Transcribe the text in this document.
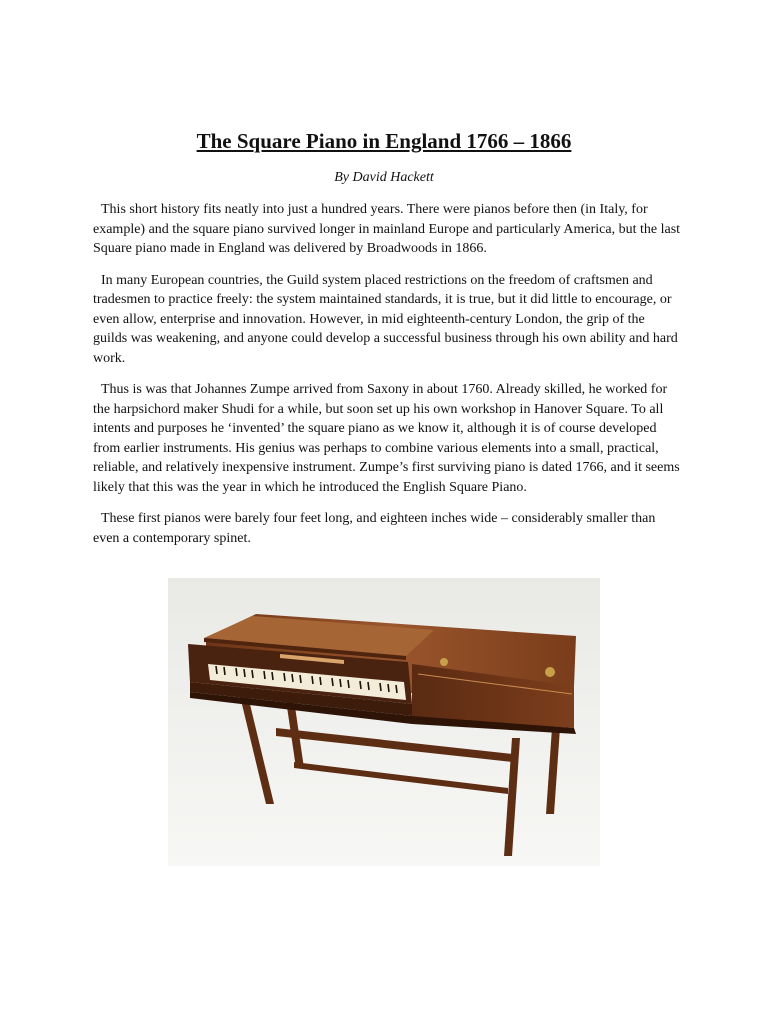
The Square Piano in England 1766 – 1866
By David Hackett

This short history fits neatly into just a hundred years. There were pianos before then (in Italy, for example) and the square piano survived longer in mainland Europe and particularly America, but the last Square piano made in England was delivered by Broadwoods in 1866.

In many European countries, the Guild system placed restrictions on the freedom of craftsmen and tradesmen to practice freely: the system maintained standards, it is true, but it did little to encourage, or even allow, enterprise and innovation. However, in mid eighteenth-century London, the grip of the guilds was weakening, and anyone could develop a successful business through his own ability and hard work.

Thus is was that Johannes Zumpe arrived from Saxony in about 1760. Already skilled, he worked for the harpsichord maker Shudi for a while, but soon set up his own workshop in Hanover Square. To all intents and purposes he ‘invented’ the square piano as we know it, although it is of course developed from earlier instruments. His genius was perhaps to combine various elements into a small, practical, reliable, and relatively inexpensive instrument. Zumpe’s first surviving piano is dated 1766, and it seems likely that this was the year in which he introduced the English Square Piano.

These first pianos were barely four feet long, and eighteen inches wide – considerably smaller than even a contemporary spinet.
